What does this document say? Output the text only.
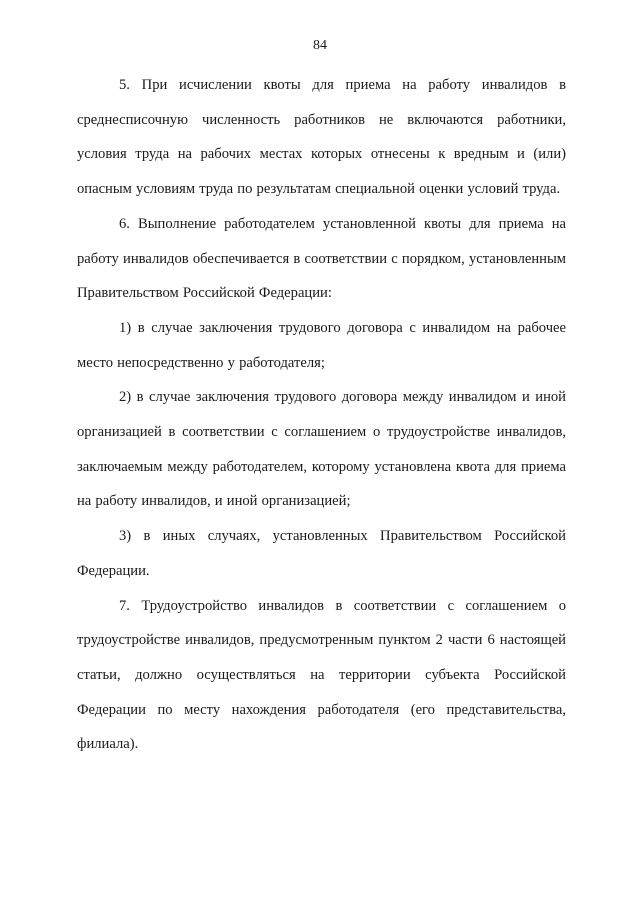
84

5. При исчислении квоты для приема на работу инвалидов в среднесписочную численность работников не включаются работники, условия труда на рабочих местах которых отнесены к вредным и (или) опасным условиям труда по результатам специальной оценки условий труда.

6. Выполнение работодателем установленной квоты для приема на работу инвалидов обеспечивается в соответствии с порядком, установленным Правительством Российской Федерации:

1) в случае заключения трудового договора с инвалидом на рабочее место непосредственно у работодателя;

2) в случае заключения трудового договора между инвалидом и иной организацией в соответствии с соглашением о трудоустройстве инвалидов, заключаемым между работодателем, которому установлена квота для приема на работу инвалидов, и иной организацией;

3) в иных случаях, установленных Правительством Российской Федерации.

7. Трудоустройство инвалидов в соответствии с соглашением о трудоустройстве инвалидов, предусмотренным пунктом 2 части 6 настоящей статьи, должно осуществляться на территории субъекта Российской Федерации по месту нахождения работодателя (его представительства, филиала).
